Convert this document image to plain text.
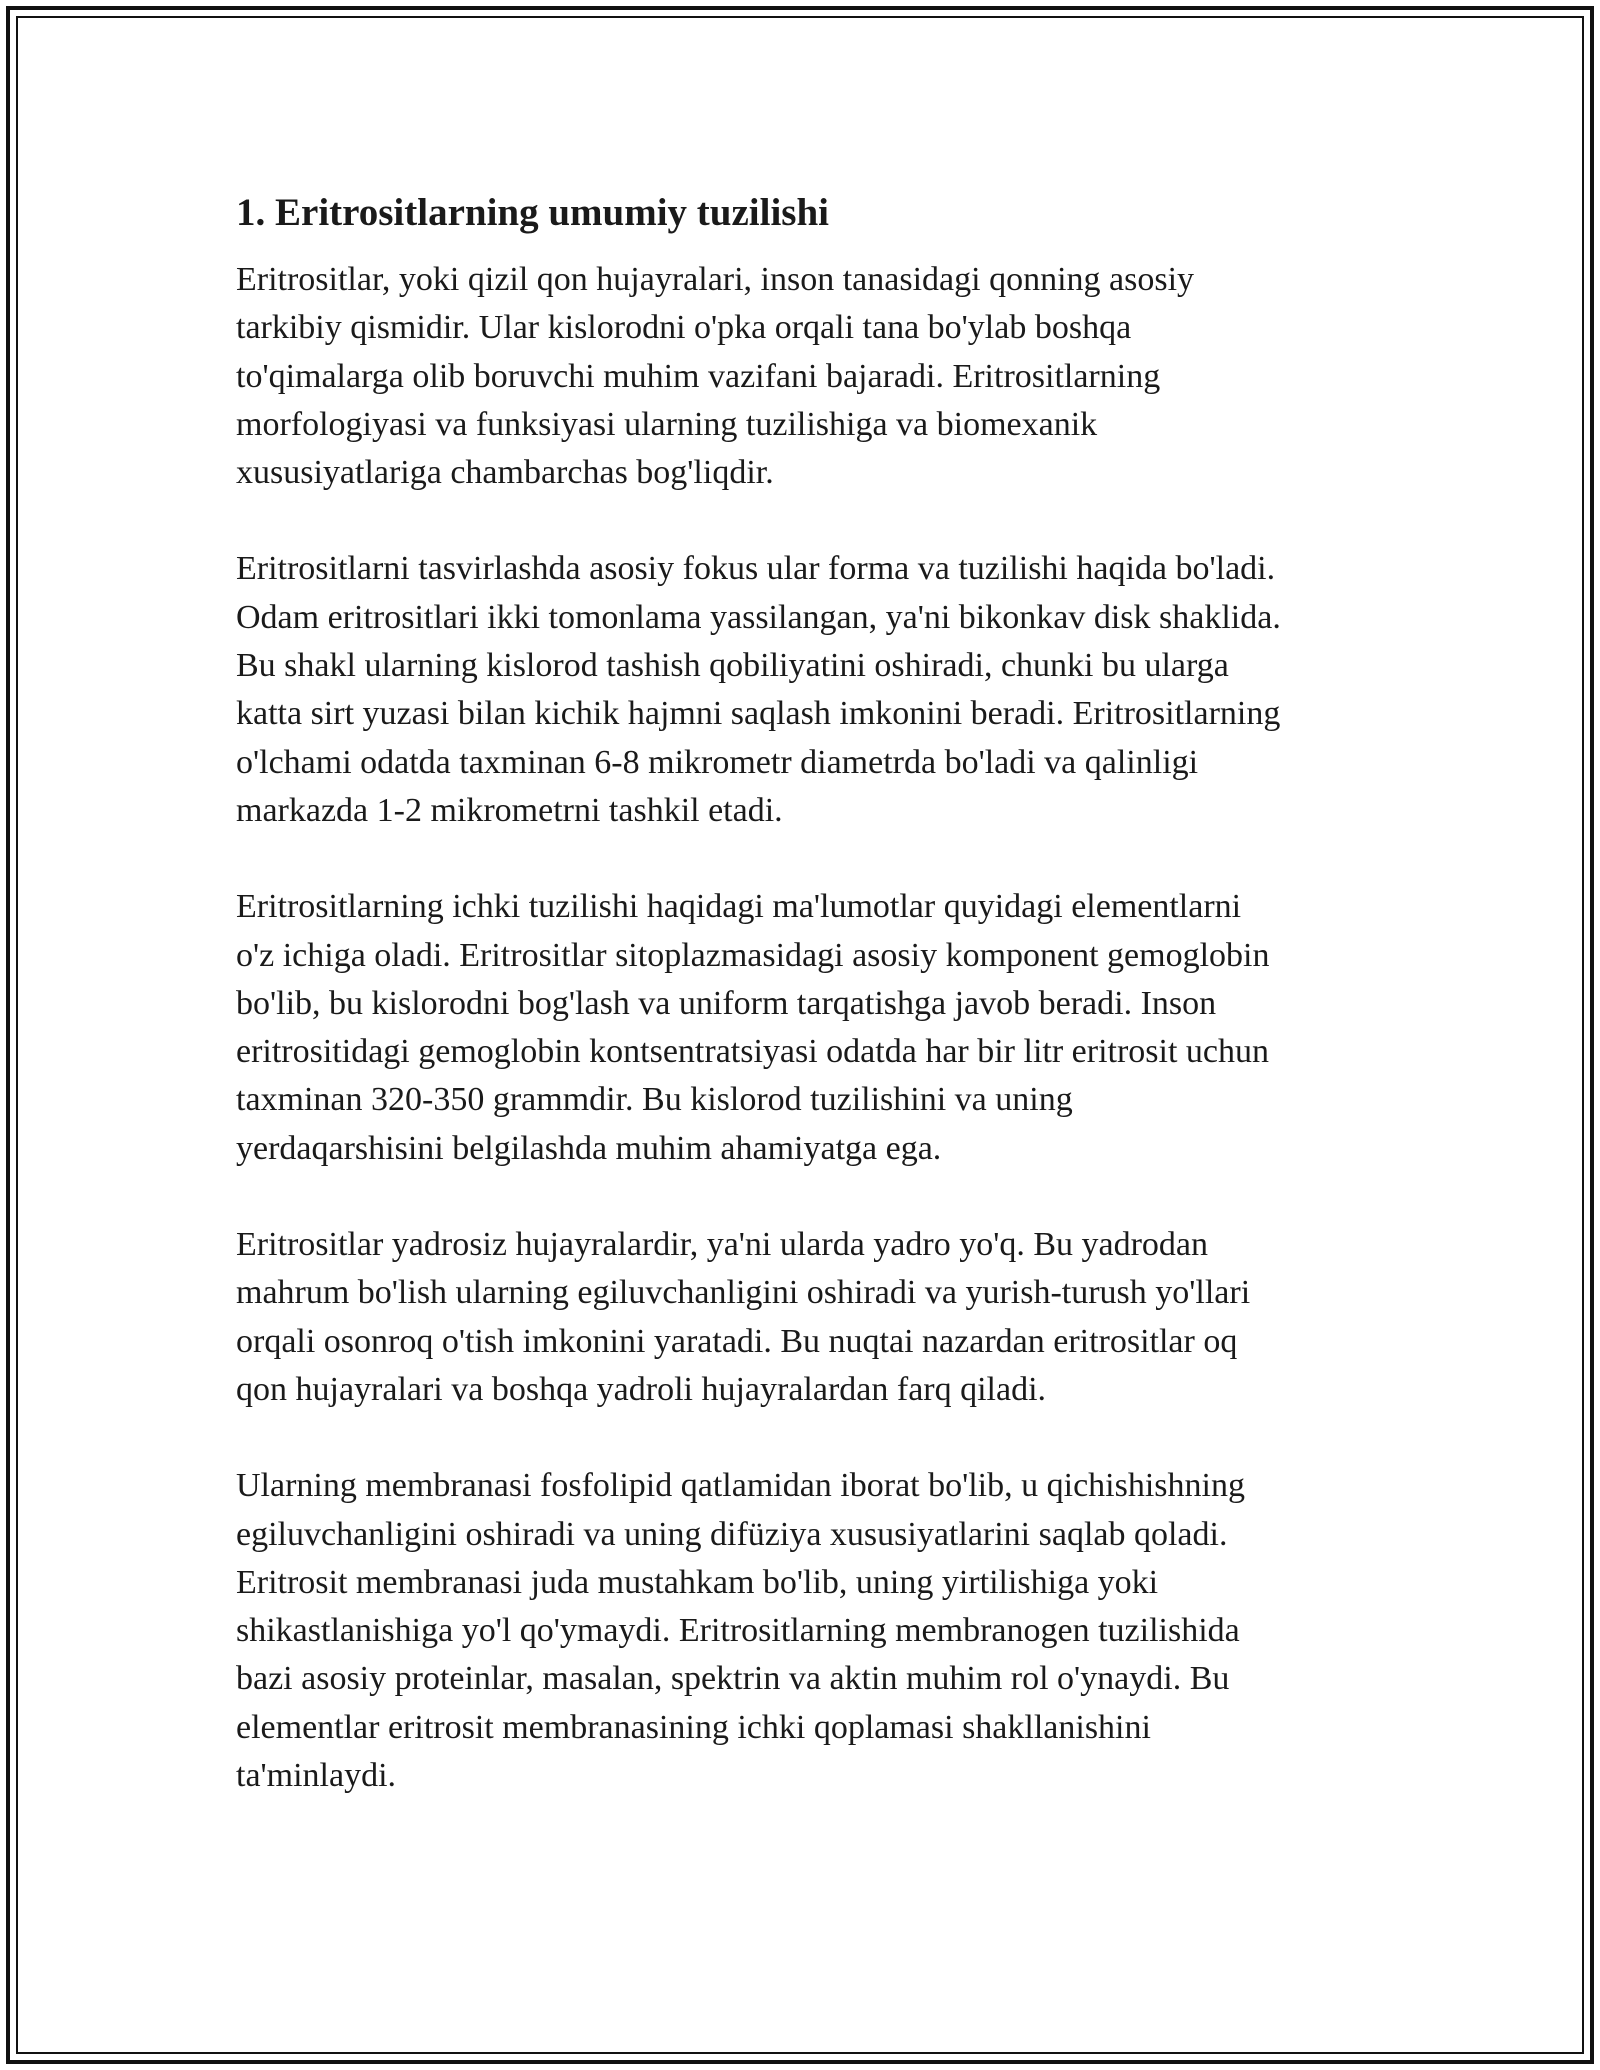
1. Eritrositlarning umumiy tuzilishi
Eritrositlar, yoki qizil qon hujayralari, inson tanasidagi qonning asosiy
tarkibiy qismidir. Ular kislorodni o'pka orqali tana bo'ylab boshqa
to'qimalarga olib boruvchi muhim vazifani bajaradi. Eritrositlarning
morfologiyasi va funksiyasi ularning tuzilishiga va biomexanik
xususiyatlariga chambarchas bog'liqdir.
Eritrositlarni tasvirlashda asosiy fokus ular forma va tuzilishi haqida bo'ladi.
Odam eritrositlari ikki tomonlama yassilangan, ya'ni bikonkav disk shaklida.
Bu shakl ularning kislorod tashish qobiliyatini oshiradi, chunki bu ularga
katta sirt yuzasi bilan kichik hajmni saqlash imkonini beradi. Eritrositlarning
o'lchami odatda taxminan 6-8 mikrometr diametrda bo'ladi va qalinligi
markazda 1-2 mikrometrni tashkil etadi.
Eritrositlarning ichki tuzilishi haqidagi ma'lumotlar quyidagi elementlarni
o'z ichiga oladi. Eritrositlar sitoplazmasidagi asosiy komponent gemoglobin
bo'lib, bu kislorodni bog'lash va uniform tarqatishga javob beradi. Inson
eritrositidagi gemoglobin kontsentratsiyasi odatda har bir litr eritrosit uchun
taxminan 320-350 grammdir. Bu kislorod tuzilishini va uning
yerdaqarshisini belgilashda muhim ahamiyatga ega.
Eritrositlar yadrosiz hujayralardir, ya'ni ularda yadro yo'q. Bu yadrodan
mahrum bo'lish ularning egiluvchanligini oshiradi va yurish-turush yo'llari
orqali osonroq o'tish imkonini yaratadi. Bu nuqtai nazardan eritrositlar oq
qon hujayralari va boshqa yadroli hujayralardan farq qiladi.
Ularning membranasi fosfolipid qatlamidan iborat bo'lib, u qichishishning
egiluvchanligini oshiradi va uning difüziya xususiyatlarini saqlab qoladi.
Eritrosit membranasi juda mustahkam bo'lib, uning yirtilishiga yoki
shikastlanishiga yo'l qo'ymaydi. Eritrositlarning membranogen tuzilishida
bazi asosiy proteinlar, masalan, spektrin va aktin muhim rol o'ynaydi. Bu
elementlar eritrosit membranasining ichki qoplamasi shakllanishini
ta'minlaydi.
